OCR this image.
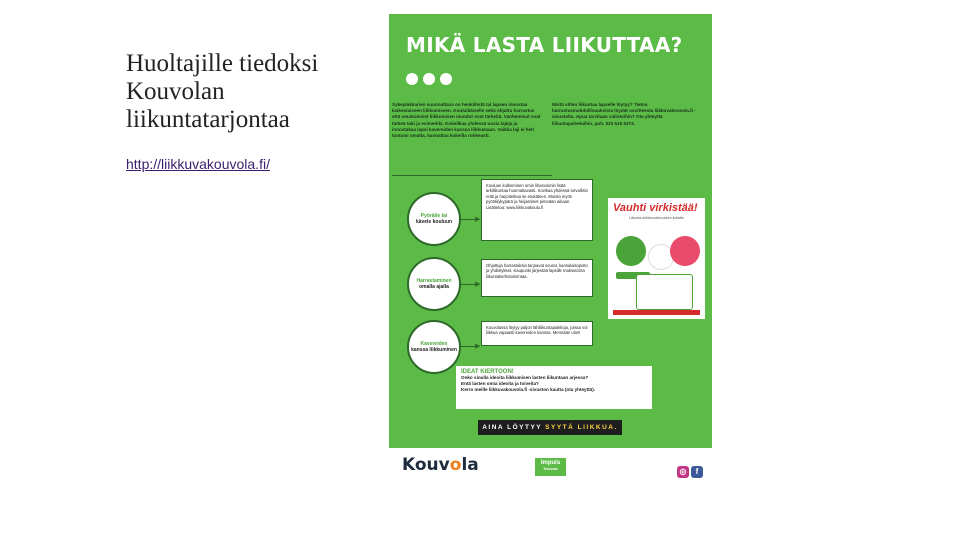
Huoltajille tiedoksi
Kouvolan
liikuntatarjontaa
http://liikkuvakouvola.fi/
MIKÄ LASTA LIIKUTTAA?
Sykeplakkarien suunnattava on henkilöstä tai lapsen innostaa kaikenlaiseen liikkumiseen. Kouluikäiselle sekä ohjattu harrastus että omatoimiset liikkumisen muodot ovat tärkeitä. Vanhemmat ovat tärkeä tuki ja esimerkki. Kokeilkaa yhdessä uusia lajeja ja innostakaa lapsi kavereiden kanssa liikkumaan. Vaikka laji ei heti tuntuisi omalta, kannattaa kokeilla rohkeasti.
Mistä sitten liikuntaa lapselle löytyy? Tietoa harrastusmahdollisuuksista löydät osoitteesta liikkuvakouvola.fi -sivustolta. Apua tarvitaan valintoihin? Ota yhteyttä liikuntapalveluihin, puh. 020 615 5374.
Pyöräile tai
kävele kouluun	▶
Harrastaminen
omalla ajalla	▶
Kavereiden
kanssa liikkuminen	▶
Kouluun kulkeminen omin lihasvoimin lisää arkiliikuntaa huomattavasti. Sovikaa yhdessä turvallisin reitti ja harjoitelkaa se etukäteen. Muista myös pyöräilykypärä ja heijastimet pimeään aikaan. Lisätietoa: www.liikkuvakoulu.fi
Ohjattuja harrastuksia tarjoavat seurat, kansalaisopisto ja yhdistykset. Kaupunki järjestää lapsille maksutonta liikuntakerhotoimintaa.
Kouvolassa löytyy paljon lähiliikuntapaikkoja, joissa voi liikkua vapaasti kavereiden kanssa. Mennään ulos!
Vauhti virkistää!
Liikunta-aktiivisuutta kaiken ikäisille
IDEAT KIERTOON!
Onko sinulla ideoita liikkumisen lasten liikuntaan arjessa?
Entä lasten omia ideoita ja toiveita?
Kerro meille liikkuvakouvola.fi -sivuston kautta (ota yhteyttä).
AINA LÖYTYY SYYTÄ LIIKKUA.
Kouvola	Impuls
Kouvola	◎ f
